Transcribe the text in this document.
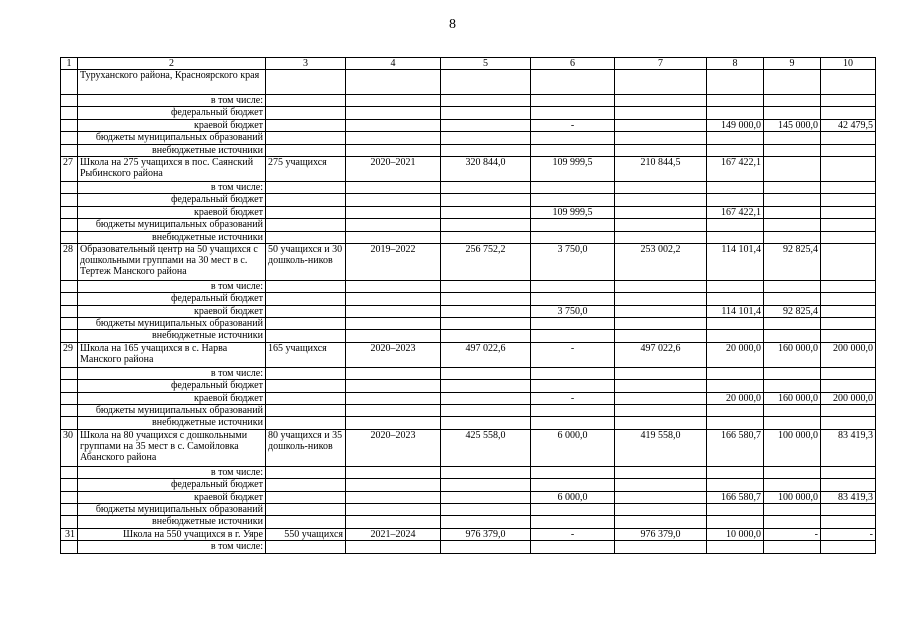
8
1	2	3	4	5	6	7	8	9	10
	Туруханского района, Красноярского края								
	в том числе:								
	федеральный бюджет								
	краевой бюджет				-		149 000,0	145 000,0	42 479,5
	бюджеты муниципальных образований								
	внебюджетные источники								
27	Школа на 275 учащихся в пос. Саянский Рыбинского района	275 учащихся	2020–2021	320 844,0	109 999,5	210 844,5	167 422,1		
	в том числе:								
	федеральный бюджет								
	краевой бюджет				109 999,5		167 422,1		
	бюджеты муниципальных образований								
	внебюджетные источники								
28	Образовательный центр на 50 учащихся с дошкольными группами на 30 мест в с. Тертеж Манского района	50 учащихся и 30 дошколь-ников	2019–2022	256 752,2	3 750,0	253 002,2	114 101,4	92 825,4	
	в том числе:								
	федеральный бюджет								
	краевой бюджет				3 750,0		114 101,4	92 825,4	
	бюджеты муниципальных образований								
	внебюджетные источники								
29	Школа на 165 учащихся в с. Нарва Манского района	165 учащихся	2020–2023	497 022,6	-	497 022,6	20 000,0	160 000,0	200 000,0
	в том числе:								
	федеральный бюджет								
	краевой бюджет				-		20 000,0	160 000,0	200 000,0
	бюджеты муниципальных образований								
	внебюджетные источники								
30	Школа на 80 учащихся с дошкольными группами на 35 мест в с. Самойловка Абанского района	80 учащихся и 35 дошколь-ников	2020–2023	425 558,0	6 000,0	419 558,0	166 580,7	100 000,0	83 419,3
	в том числе:								
	федеральный бюджет								
	краевой бюджет				6 000,0		166 580,7	100 000,0	83 419,3
	бюджеты муниципальных образований								
	внебюджетные источники								
31	Школа на 550 учащихся в г. Уяре	550 учащихся	2021–2024	976 379,0	-	976 379,0	10 000,0	-	-
	в том числе:								
